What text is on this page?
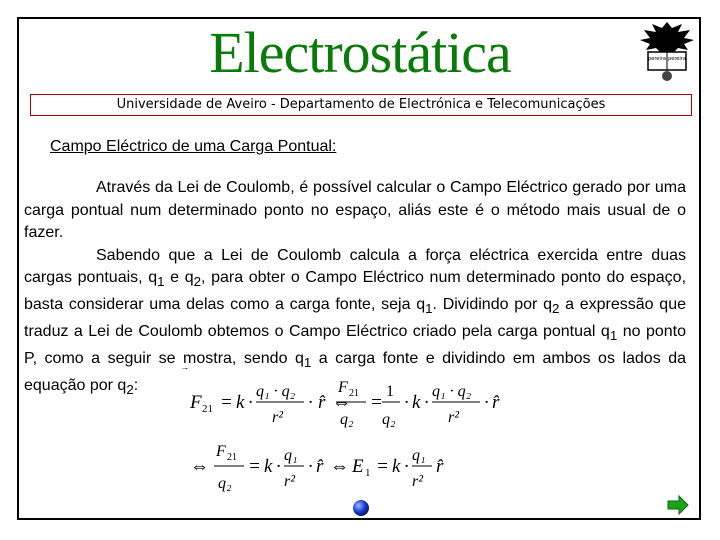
Electrostática	pereira pereira
Universidade de Aveiro - Departamento de Electrónica e Telecomunicações
Campo Eléctrico de uma Carga Pontual:

Através da Lei de Coulomb, é possível calcular o Campo Eléctrico gerado por uma carga pontual num determinado ponto no espaço, aliás este é o método mais usual de o fazer.

Sabendo que a Lei de Coulomb calcula a força eléctrica exercida entre duas cargas pontuais, $q_1$ e $q_2$, para obter o Campo Eléctrico num determinado ponto do espaço, basta considerar uma delas como a carga fonte, seja $q_1$. Dividindo por $q_2$ a expressão que traduz a Lei de Coulomb obtemos o Campo Eléctrico criado pela carga pontual $q_1$ no ponto P, como a seguir se mostra, sendo $q_1$ a carga fonte e dividindo em ambos os lados da equação por $q_2$:

F 21 = k ·
q₁ · q₂
r²
· r̂ ⇔
F 21
q₂
=
1
q₂
· k ·
q₁ · q₂
r²
· r̂
⇔
F 21
q₂
= k ·
q₁
r²
· r̂ ⇔ E 1 = k ·
q₁
r²
r̂
